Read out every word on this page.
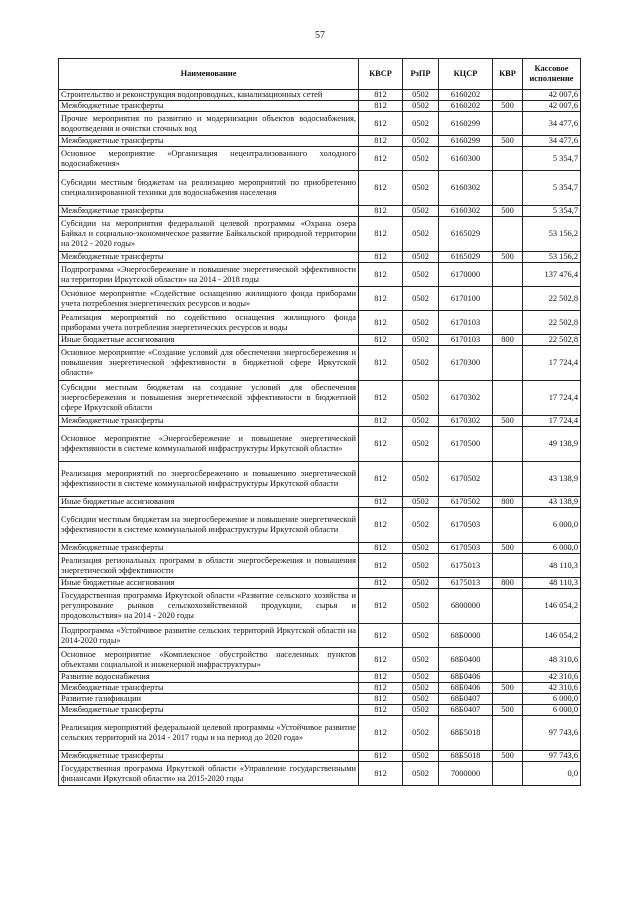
57
Наименование	КВСР	РзПР	КЦСР	КВР	Кассовое исполнение
Строительство и реконструкция водопроводных, канализационных сетей	812	0502	6160202		42 007,6
Межбюджетные трансферты	812	0502	6160202	500	42 007,6
Прочие мероприятия по развитию и модернизации объектов водоснабжения, водоотведения и очистки сточных вод	812	0502	6160299		34 477,6
Межбюджетные трансферты	812	0502	6160299	500	34 477,6
Основное мероприятие «Организация нецентрализованного холодного водоснабжения»	812	0502	6160300		5 354,7
Субсидии местным бюджетам на реализацию мероприятий по приобретению специализированной техники для водоснабжения населения	812	0502	6160302		5 354,7
Межбюджетные трансферты	812	0502	6160302	500	5 354,7
Субсидии на мероприятия федеральной целевой программы «Охрана озера Байкал и социально-экономическое развитие Байкальской природной территории на 2012 - 2020 годы»	812	0502	6165029		53 156,2
Межбюджетные трансферты	812	0502	6165029	500	53 156,2
Подпрограмма «Энергосбережение и повышение энергетической эффективности на территории Иркутской области» на 2014 - 2018 годы	812	0502	6170000		137 476,4
Основное мероприятие «Содействие оснащению жилищного фонда приборами учета потребления энергетических ресурсов и воды»	812	0502	6170100		22 502,8
Реализация мероприятий по содействию оснащения жилищного фонда приборами учета потребления энергетических ресурсов и воды	812	0502	6170103		22 502,8
Иные бюджетные ассигнования	812	0502	6170103	800	22 502,8
Основное мероприятие «Создание условий для обеспечения энергосбережения и повышения энергетической эффективности в бюджетной сфере Иркутской области»	812	0502	6170300		17 724,4
Субсидии местным бюджетам на создание условий для обеспечения энергосбережения и повышения энергетической эффективности в бюджетной сфере Иркутской области	812	0502	6170302		17 724,4
Межбюджетные трансферты	812	0502	6170302	500	17 724,4
Основное мероприятие «Энергосбережение и повышение энергетической эффективности в системе коммунальной инфраструктуры Иркутской области»	812	0502	6170500		49 138,9
Реализация мероприятий по энергосбережению и повышению энергетической эффективности в системе коммунальной инфраструктуры Иркутской области	812	0502	6170502		43 138,9
Иные бюджетные ассигнования	812	0502	6170502	800	43 138,9
Субсидии местным бюджетам на энергосбережение и повышение энергетической эффективности в системе коммунальной инфраструктуры Иркутской области	812	0502	6170503		6 000,0
Межбюджетные трансферты	812	0502	6170503	500	6 000,0
Реализация региональных программ в области энергосбережения и повышения энергетической эффективности	812	0502	6175013		48 110,3
Иные бюджетные ассигнования	812	0502	6175013	800	48 110,3
Государственная программа Иркутской области «Развитие сельского хозяйства и регулирование рынков сельскохозяйственной продукции, сырья и продовольствия» на 2014 - 2020 годы	812	0502	6800000		146 054,2
Подпрограмма «Устойчивое развитие сельских территорий Иркутской области на 2014-2020 годы»	812	0502	68Б0000		146 054,2
Основное мероприятие «Комплексное обустройство населенных пунктов объектами социальной и инженерной инфраструктуры»	812	0502	68Б0400		48 310,6
Развитие водоснабжения	812	0502	68Б0406		42 310,6
Межбюджетные трансферты	812	0502	68Б0406	500	42 310,6
Развитие газификации	812	0502	68Б0407		6 000,0
Межбюджетные трансферты	812	0502	68Б0407	500	6 000,0
Реализация мероприятий федеральной целевой программы «Устойчивое развитие сельских территорий на 2014 - 2017 годы и на период до 2020 года»	812	0502	68Б5018		97 743,6
Межбюджетные трансферты	812	0502	68Б5018	500	97 743,6
Государственная программа Иркутской области «Управление государственными финансами Иркутской области» на 2015-2020 годы	812	0502	7000000		0,0
